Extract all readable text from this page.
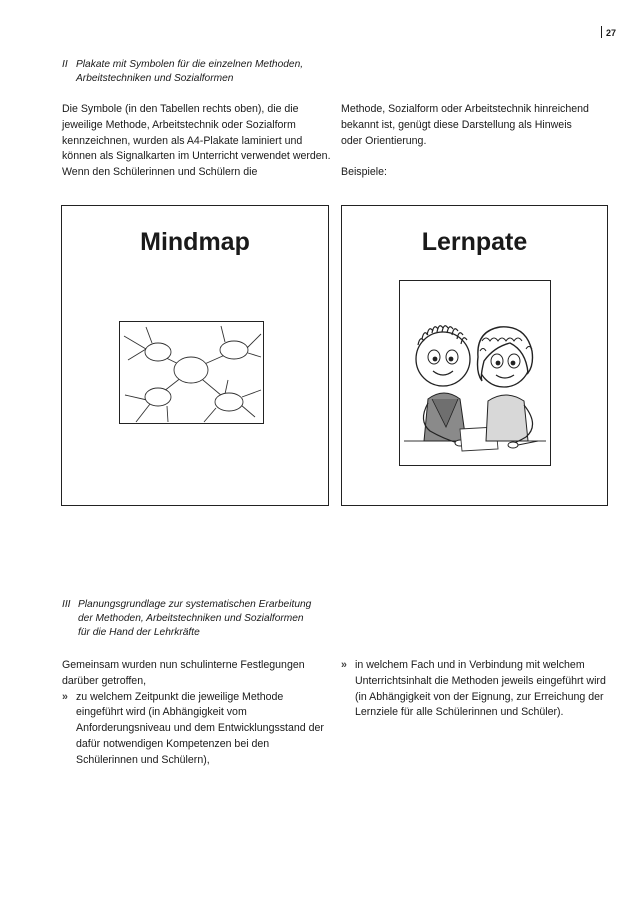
27
II Plakate mit Symbolen für die einzelnen Methoden, Arbeitstechniken und Sozialformen

Die Symbole (in den Tabellen rechts oben), die die jeweilige Methode, Arbeitstechnik oder Sozialform kennzeichnen, wurden als A4-Plakate laminiert und können als Signalkarten im Unterricht verwendet werden. Wenn den Schülerinnen und Schülern die

Methode, Sozialform oder Arbeitstechnik hinreichend bekannt ist, genügt diese Darstellung als Hinweis oder Orientierung.

Beispiele:

Mindmap	Lernpate
III Planungsgrundlage zur systematischen Erarbeitung der Methoden, Arbeitstechniken und Sozialformen für die Hand der Lehrkräfte

Gemeinsam wurden nun schulinterne Festlegungen darüber getroffen,

» zu welchem Zeitpunkt die jeweilige Methode eingeführt wird (in Abhängigkeit vom Anforderungsniveau und dem Entwicklungsstand der dafür notwendigen Kompetenzen bei den Schülerinnen und Schülern),
» in welchem Fach und in Verbindung mit welchem Unterrichtsinhalt die Methoden jeweils eingeführt wird (in Abhängigkeit von der Eignung, zur Erreichung der Lernziele für alle Schülerinnen und Schüler).
